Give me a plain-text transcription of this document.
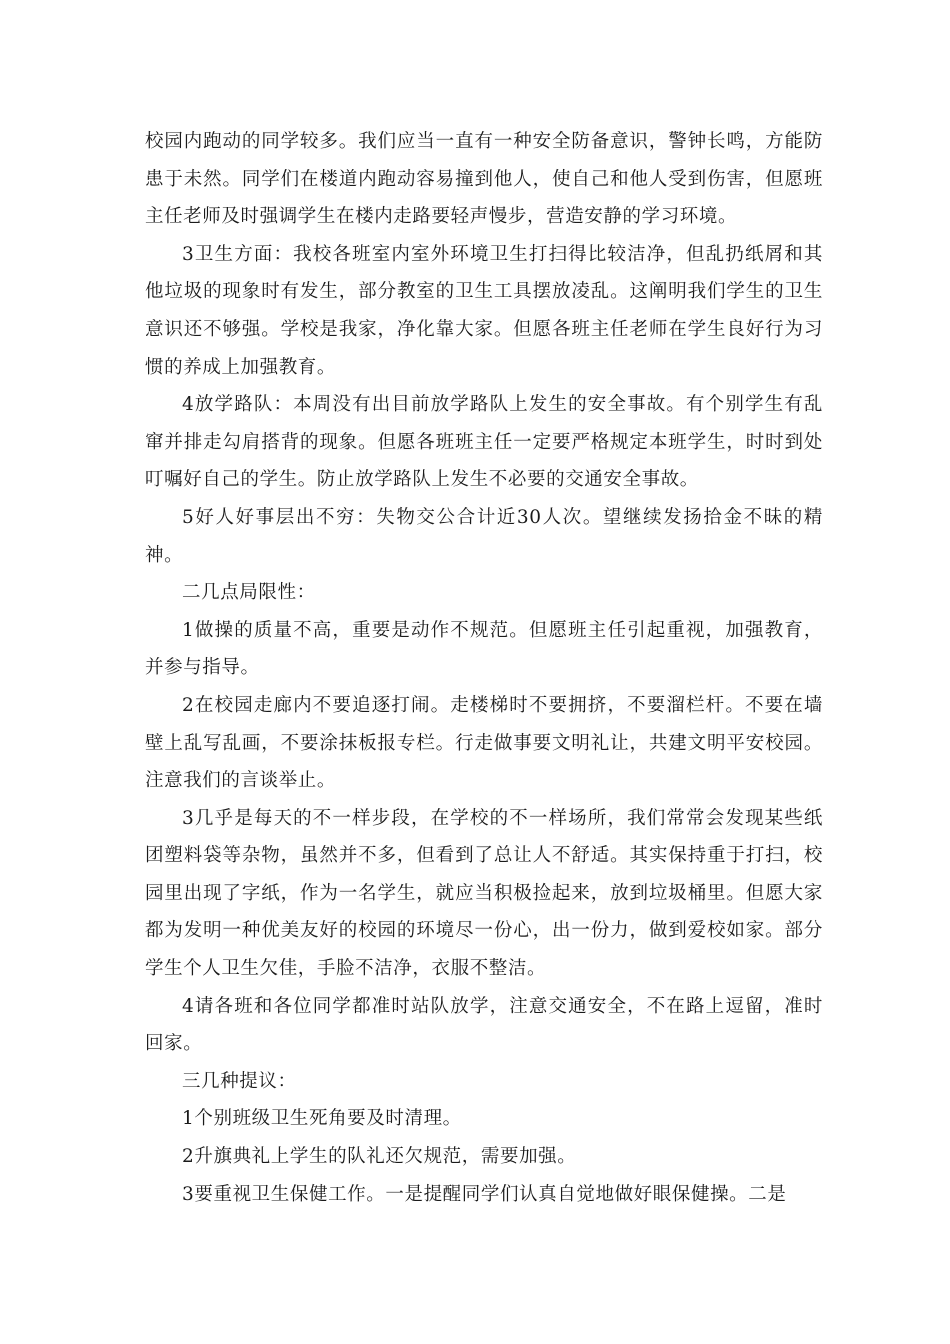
校园内跑动的同学较多。我们应当一直有一种安全防备意识，警钟长鸣，方能防患于未然。同学们在楼道内跑动容易撞到他人，使自己和他人受到伤害，但愿班主任老师及时强调学生在楼内走路要轻声慢步，营造安静的学习环境。

3卫生方面：我校各班室内室外环境卫生打扫得比较洁净，但乱扔纸屑和其他垃圾的现象时有发生，部分教室的卫生工具摆放凌乱。这阐明我们学生的卫生意识还不够强。学校是我家，净化靠大家。但愿各班主任老师在学生良好行为习惯的养成上加强教育。

4放学路队：本周没有出目前放学路队上发生的安全事故。有个别学生有乱窜并排走勾肩搭背的现象。但愿各班班主任一定要严格规定本班学生，时时到处叮嘱好自己的学生。防止放学路队上发生不必要的交通安全事故。

5好人好事层出不穷：失物交公合计近30人次。望继续发扬拾金不昧的精神。

二几点局限性：

1做操的质量不高，重要是动作不规范。但愿班主任引起重视，加强教育，并参与指导。

2在校园走廊内不要追逐打闹。走楼梯时不要拥挤，不要溜栏杆。不要在墙壁上乱写乱画，不要涂抹板报专栏。行走做事要文明礼让，共建文明平安校园。注意我们的言谈举止。

3几乎是每天的不一样步段，在学校的不一样场所，我们常常会发现某些纸团塑料袋等杂物，虽然并不多，但看到了总让人不舒适。其实保持重于打扫，校园里出现了字纸，作为一名学生，就应当积极捡起来，放到垃圾桶里。但愿大家都为发明一种优美友好的校园的环境尽一份心，出一份力，做到爱校如家。部分学生个人卫生欠佳，手脸不洁净，衣服不整洁。

4请各班和各位同学都准时站队放学，注意交通安全，不在路上逗留，准时回家。

三几种提议：

1个别班级卫生死角要及时清理。

2升旗典礼上学生的队礼还欠规范，需要加强。

3要重视卫生保健工作。一是提醒同学们认真自觉地做好眼保健操。二是
